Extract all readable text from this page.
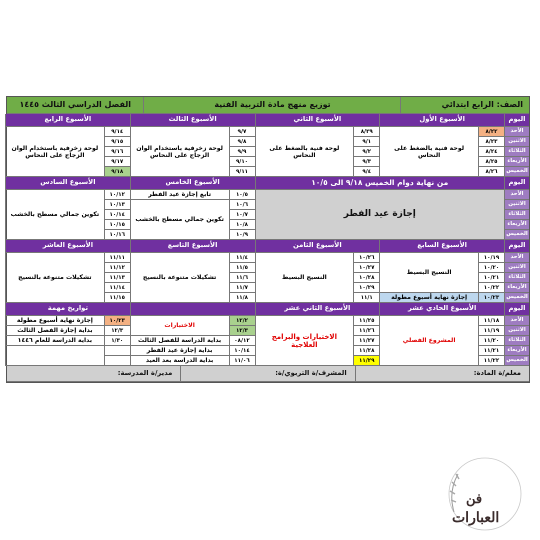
الصف: الرابع ابتدائي
توزيع منهج مادة التربية الفنية
الفصل الدراسي الثالث ١٤٤٥
اليوم
الأحد
الاثنين
الثلاثاء
الأربعاء
الخميس
الأسبوع الأول
٨/٢٢
٨/٢٣
٨/٢٤
٨/٢٥
٨/٢٦
لوحة فنية بالضغط على النحاس
الأسبوع الثاني
٨/٢٩
٩/١
٩/٢
٩/٣
٩/٤
لوحة فنية بالضغط على النحاس
الأسبوع الثالث
٩/٧
٩/٨
٩/٩
٩/١٠
٩/١١
لوحة زخرفية باستخدام الوان الزجاج على النحاس
الأسبوع الرابع
٩/١٤
٩/١٥
٩/١٦
٩/١٧
٩/١٨
لوحة زخرفية باستخدام الوان الزجاج على النحاس
اليوم
الأحد
الاثنين
الثلاثاء
الأربعاء
الخميس
من نهاية دوام الخميس ٩/١٨ الى ١٠/٥
إجازة عيد الفطر
الأسبوع الخامس
١٠/٥
١٠/٦
١٠/٧
١٠/٨
١٠/٩
تابع إجازة عيد الفطر
تكوين جمالي مسطح بالخشب
الأسبوع السادس
١٠/١٢
١٠/١٣
١٠/١٤
١٠/١٥
١٠/١٦
تكوين جمالي مسطح بالخشب
اليوم
الأحد
الاثنين
الثلاثاء
الأربعاء
الخميس
الأسبوع السابع
١٠/١٩
١٠/٢٠
١٠/٢١
١٠/٢٢
١٠/٢٣
النسيج البسيط
إجازة نهاية أسبوع مطولة
الأسبوع الثامن
١٠/٢٦
١٠/٢٧
١٠/٢٨
١٠/٢٩
١١/١
النسيج البسيط
الأسبوع التاسع
١١/٤
١١/٥
١١/٦
١١/٧
١١/٨
تشكيلات متنوعة بالنسيج
الأسبوع العاشر
١١/١١
١١/١٢
١١/١٣
١١/١٤
١١/١٥
تشكيلات متنوعة بالنسيج
اليوم
الأحد
الاثنين
الثلاثاء
الأربعاء
الخميس
الأسبوع الحادي عشر
١١/١٨
١١/١٩
١١/٢٠
١١/٢١
١١/٢٢
المشروع الفصلي
الأسبوع الثاني عشر
١١/٢٥
١١/٢٦
١١/٢٧
١١/٢٨
١١/٢٩
الاختبارات والبرامج العلاجية
١٢/٢
١٢/٣
٠٨/١٢
١٠/١٤
١١/٠٦
الاختبارات
بداية الدراسة للفصل الثالث
بداية إجازة عيد الفطر
بداية الدراسة بعد العيد
تواريخ مهمة
١٠/٢٣
١٢/٣
١/٣٠
إجازة نهاية أسبوع مطولة
بداية إجازة الفصل الثالث
بداية الدراسة للعام ١٤٤٦
معلم/ة المادة:
المشرف/ة التربوي/ة:
مدير/ة المدرسة:
فن
العبارات
